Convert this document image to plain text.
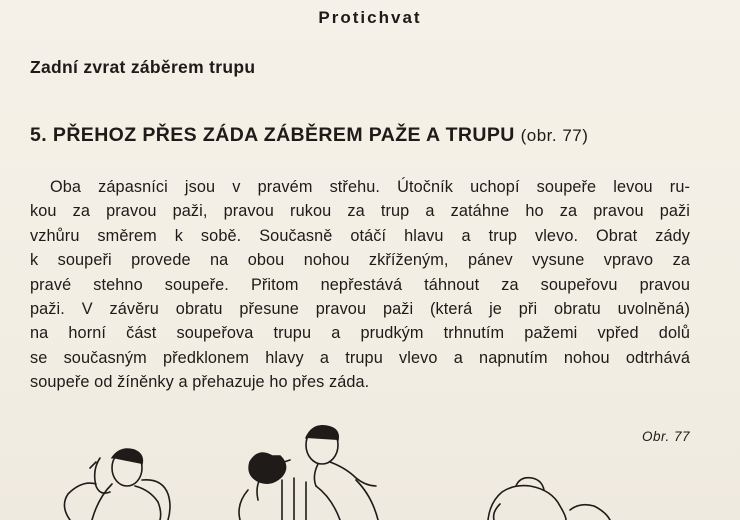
Protichvat
Zadní zvrat záběrem trupu
5. PŘEHOZ PŘES ZÁDA ZÁBĚREM PAŽE A TRUPU (obr. 77)
Oba zápasníci jsou v pravém střehu. Útočník uchopí soupeře levou ru-
kou za pravou paži, pravou rukou za trup a zatáhne ho za pravou paži
vzhůru směrem k sobě. Současně otáčí hlavu a trup vlevo. Obrat zády
k soupeři provede na obou nohou zkříženým, pánev vysune vpravo za
pravé stehno soupeře. Přitom nepřestává táhnout za soupeřovu pravou
paži. V závěru obratu přesune pravou paži (která je při obratu uvolněná)
na horní část soupeřova trupu a prudkým trhnutím pažemi vpřed dolů
se současným předklonem hlavy a trupu vlevo a napnutím nohou odtrhává
soupeře od žíněnky a přehazuje ho přes záda.
Obr. 77
